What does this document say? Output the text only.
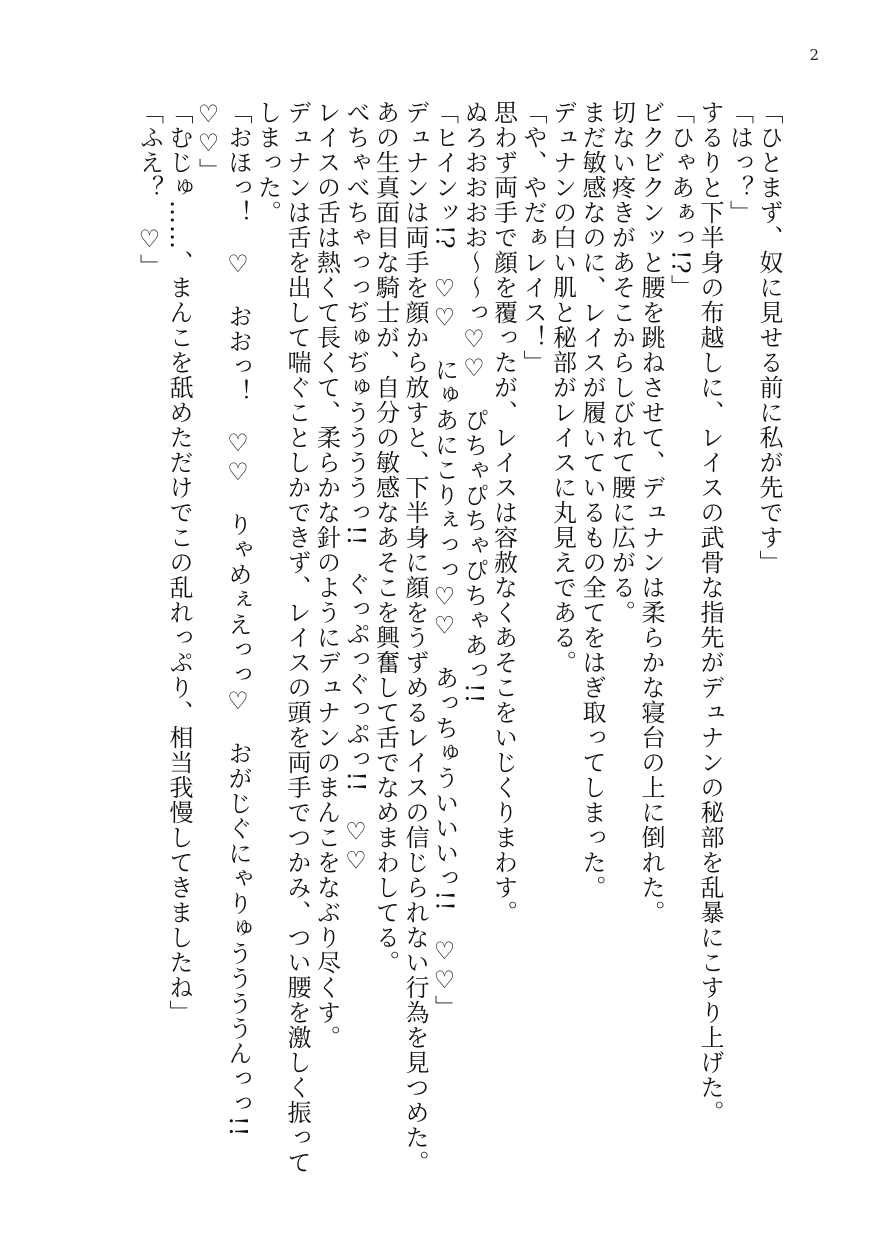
2

「ひとまず、奴に見せる前に私が先です」

「はっ？」

するりと下半身の布越しに、レイスの武骨な指先がデュナンの秘部を乱暴にこすり上げた。

「ひゃあぁっ!?」

ビクビクンッと腰を跳ねさせて、デュナンは柔らかな寝台の上に倒れた。

切ない疼きがあそこからしびれて腰に広がる。

まだ敏感なのに、レイスが履いているもの全てをはぎ取ってしまった。

デュナンの白い肌と秘部がレイスに丸見えである。

「や、やだぁレイス！」

思わず両手で顔を覆ったが、レイスは容赦なくあそこをいじくりまわす。

ぬろおおおお〜〜っ♡♡　ぴちゃぴちゃぴちゃあっ!!

「ヒインッ!?　♡♡　にゅあにこりぇっっ♡♡　あっちゅういいいっ!!　♡♡」

デュナンは両手を顔から放すと、下半身に顔をうずめるレイスの信じられない行為を見つめた。

あの生真面目な騎士が、自分の敏感なあそこを興奮して舌でなめまわしてる。

べちゃべちゃっっぢゅぢゅううううっ!!　ぐっぷっぐっぷっ!!　♡♡

レイスの舌は熱くて長くて、柔らかな針のようにデュナンのまんこをなぶり尽くす。

デュナンは舌を出して喘ぐことしかできず、レイスの頭を両手でつかみ、つい腰を激しく振ってしまった。

「おほっ！　♡　おおっ！　♡♡　りゃめぇえっっ♡　おがじぐにゃりゅううううんっっ!!　♡♡」

「むじゅ……、まんこを舐めただけでこの乱れっぷり、相当我慢してきましたね」

「ふえ？　♡」
